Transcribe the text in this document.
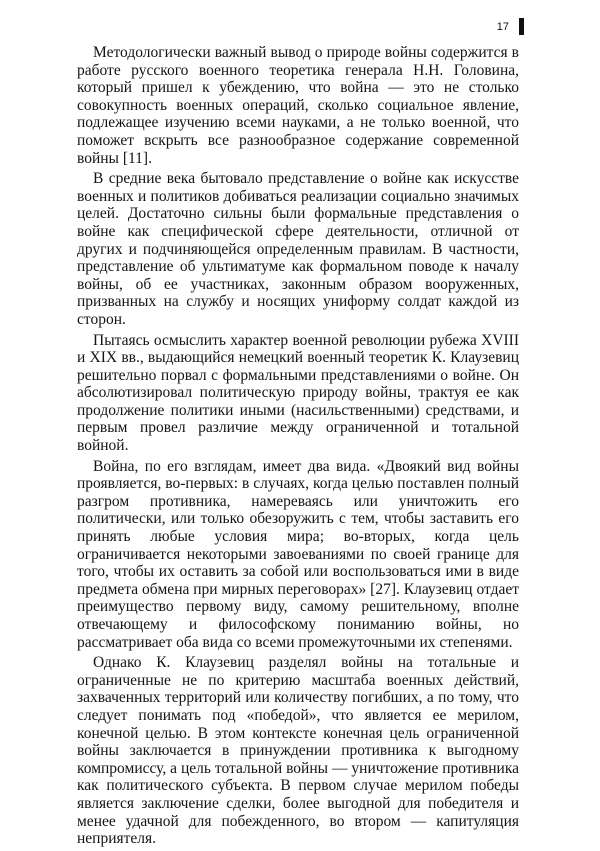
17

Методологически важный вывод о природе войны содержится в работе русского военного теоретика генерала Н.Н. Головина, который пришел к убеждению, что война — это не столько совокупность военных операций, сколько социальное явление, подлежащее изучению всеми науками, а не только военной, что поможет вскрыть все разнообразное содержание современной войны [11].

В средние века бытовало представление о войне как искусстве военных и политиков добиваться реализации социально значимых целей. Достаточно сильны были формальные представления о войне как специфической сфере деятельности, отличной от других и подчиняющейся определенным правилам. В частности, представление об ультиматуме как формальном поводе к началу войны, об ее участниках, законным образом вооруженных, призванных на службу и носящих униформу солдат каждой из сторон.

Пытаясь осмыслить характер военной революции рубежа XVIII и XIX вв., выдающийся немецкий военный теоретик К. Клаузевиц решительно порвал с формальными представлениями о войне. Он абсолютизировал политическую природу войны, трактуя ее как продолжение политики иными (насильственными) средствами, и первым провел различие между ограниченной и тотальной войной.

Война, по его взглядам, имеет два вида. «Двоякий вид войны проявляется, во-первых: в случаях, когда целью поставлен полный разгром противника, намереваясь или уничтожить его политически, или только обезоружить с тем, чтобы заставить его принять любые условия мира; во-вторых, когда цель ограничивается некоторыми завоеваниями по своей границе для того, чтобы их оставить за собой или воспользоваться ими в виде предмета обмена при мирных переговорах» [27]. Клаузевиц отдает преимущество первому виду, самому решительному, вполне отвечающему и философскому пониманию войны, но рассматривает оба вида со всеми промежуточными их степенями.

Однако К. Клаузевиц разделял войны на тотальные и ограниченные не по критерию масштаба военных действий, захваченных территорий или количеству погибших, а по тому, что следует понимать под «победой», что является ее мерилом, конечной целью. В этом контексте конечная цель ограниченной войны заключается в принуждении противника к выгодному компромиссу, а цель тотальной войны — уничтожение противника как политического субъекта. В первом случае мерилом победы является заключение сделки, более выгодной для победителя и менее удачной для побежденного, во втором — капитуляция неприятеля.
